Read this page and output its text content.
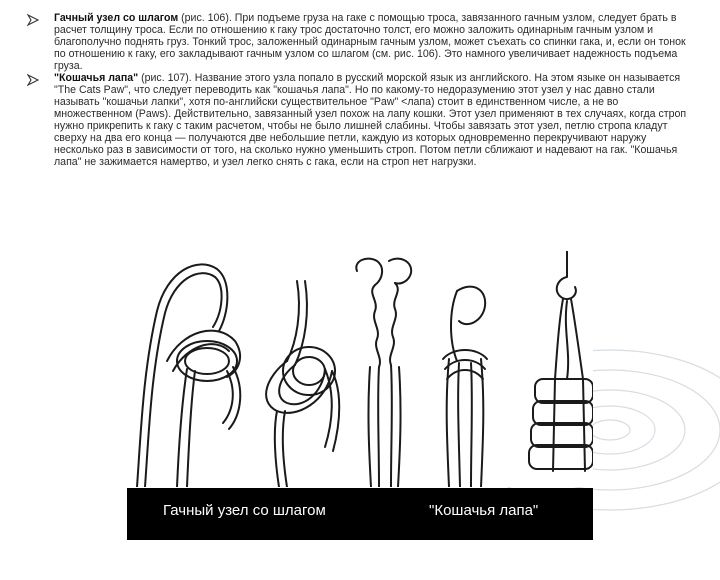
Гачный узел со шлагом (рис. 106). При подъеме груза на гаке с помощью троса, завязанного гачным узлом, следует брать в расчет толщину троса. Если по отношению к гаку трос достаточно толст, его можно заложить одинарным гачным узлом и благополучно поднять груз. Тонкий трос, заложенный одинарным гачным узлом, может съехать со спинки гака, и, если он тонок по отношению к гаку, его закладывают гачным узлом со шлагом (см. рис. 106). Это намного увеличивает надежность подъема груза.

"Кошачья лапа" (рис. 107). Название этого узла попало в русский морской язык из английского. На этом языке он называется "The Cats Paw", что следует переводить как "кошачья лапа". Но по какому-то недоразумению этот узел у нас давно стали называть "кошачьи лапки", хотя по-английски существительное "Paw" <лапа) стоит в единственном числе, а не во множественном (Paws). Действительно, завязанный узел похож на лапу кошки. Этот узел применяют в тех случаях, когда строп нужно прикрепить к гаку с таким расчетом, чтобы не было лишней слабины. Чтобы завязать этот узел, петлю стропа кладут сверху на два его конца — получаются две небольшие петли, каждую из которых одновременно перекручивают наружу несколько раз в зависимости от того, на сколько нужно уменьшить строп. Потом петли сближают и надевают на гак. "Кошачья лапа" не зажимается намертво, и узел легко снять с гака, если на строп нет нагрузки.

Гачный узел со шлагом	"Кошачья лапа"
